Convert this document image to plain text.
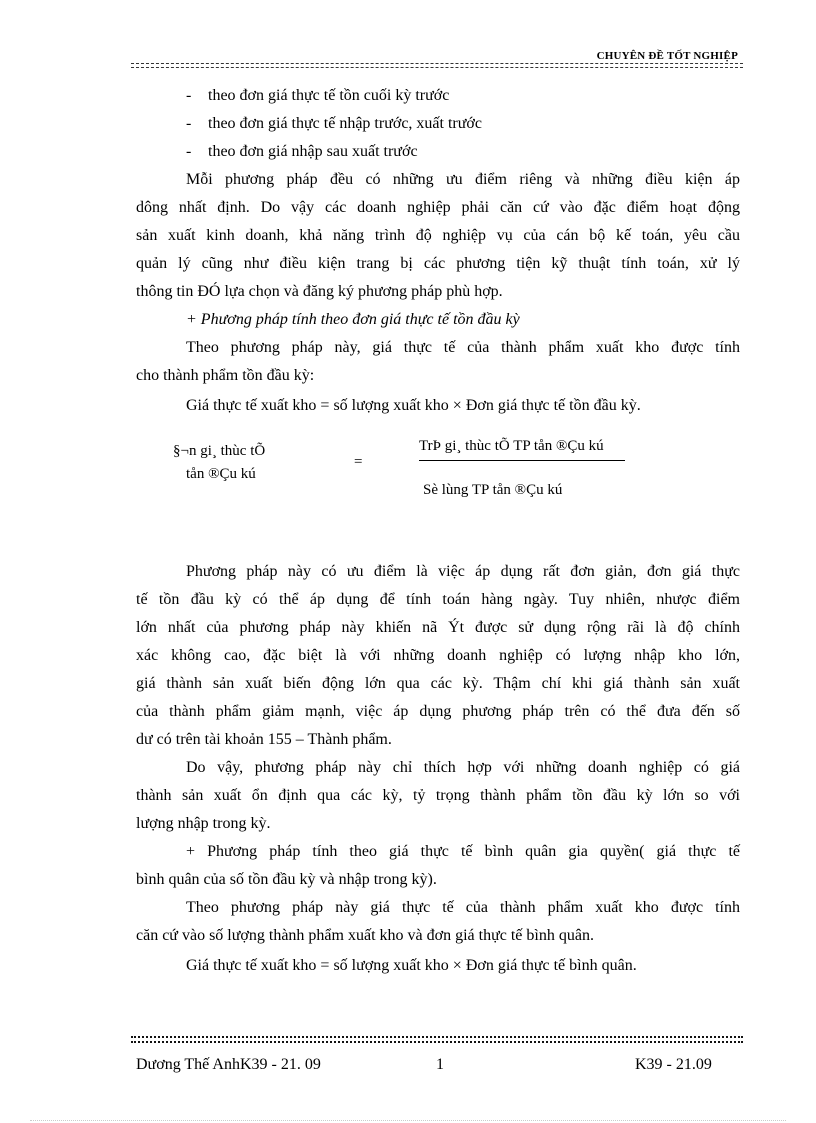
CHUYÊN ĐỀ TỐT NGHIỆP
- theo đơn giá thực tế tồn cuối kỳ trước
- theo đơn giá thực tế nhập trước, xuất trước
- theo đơn giá nhập sau xuất trước
Mỗi phương pháp đều có những ưu điểm riêng và những điều kiện áp
dông nhất định. Do vậy các doanh nghiệp phải căn cứ vào đặc điểm hoạt động
sản xuất kinh doanh, khả năng trình độ nghiệp vụ của cán bộ kế toán, yêu cầu
quản lý cũng như điều kiện trang bị các phương tiện kỹ thuật tính toán, xử lý
thông tin ĐÓ lựa chọn và đăng ký phương pháp phù hợp.
+ Phương pháp tính theo đơn giá thực tế tồn đầu kỳ
Theo phương pháp này, giá thực tế của thành phẩm xuất kho được tính
cho thành phẩm tồn đầu kỳ:
Giá thực tế xuất kho = số lượng xuất kho × Đơn giá thực tế tồn đầu kỳ.
§¬n gi¸ thùc tÕ
tån ®Çu kú
=
TrÞ gi¸ thùc tÕ TP tån ®Çu kú
Sè lùng TP tån ®Çu kú
Phương pháp này có ưu điểm là việc áp dụng rất đơn giản, đơn giá thực
tế tồn đầu kỳ có thể áp dụng để tính toán hàng ngày. Tuy nhiên, nhược điểm
lớn nhất của phương pháp này khiến nã Ýt được sử dụng rộng rãi là độ chính
xác không cao, đặc biệt là với những doanh nghiệp có lượng nhập kho lớn,
giá thành sản xuất biến động lớn qua các kỳ. Thậm chí khi giá thành sản xuất
của thành phẩm giảm mạnh, việc áp dụng phương pháp trên có thể đưa đến số
dư có trên tài khoản 155 – Thành phẩm.
Do vậy, phương pháp này chỉ thích hợp với những doanh nghiệp có giá
thành sản xuất ổn định qua các kỳ, tỷ trọng thành phẩm tồn đầu kỳ lớn so với
lượng nhập trong kỳ.
+ Phương pháp tính theo giá thực tế bình quân gia quyền( giá thực tế
bình quân của số tồn đầu kỳ và nhập trong kỳ).
Theo phương pháp này giá thực tế của thành phẩm xuất kho được tính
căn cứ vào số lượng thành phẩm xuất kho và đơn giá thực tế bình quân.
Giá thực tế xuất kho = số lượng xuất kho × Đơn giá thực tế bình quân.
Dương Thế AnhK39 - 21. 09	1	K39 - 21.09
